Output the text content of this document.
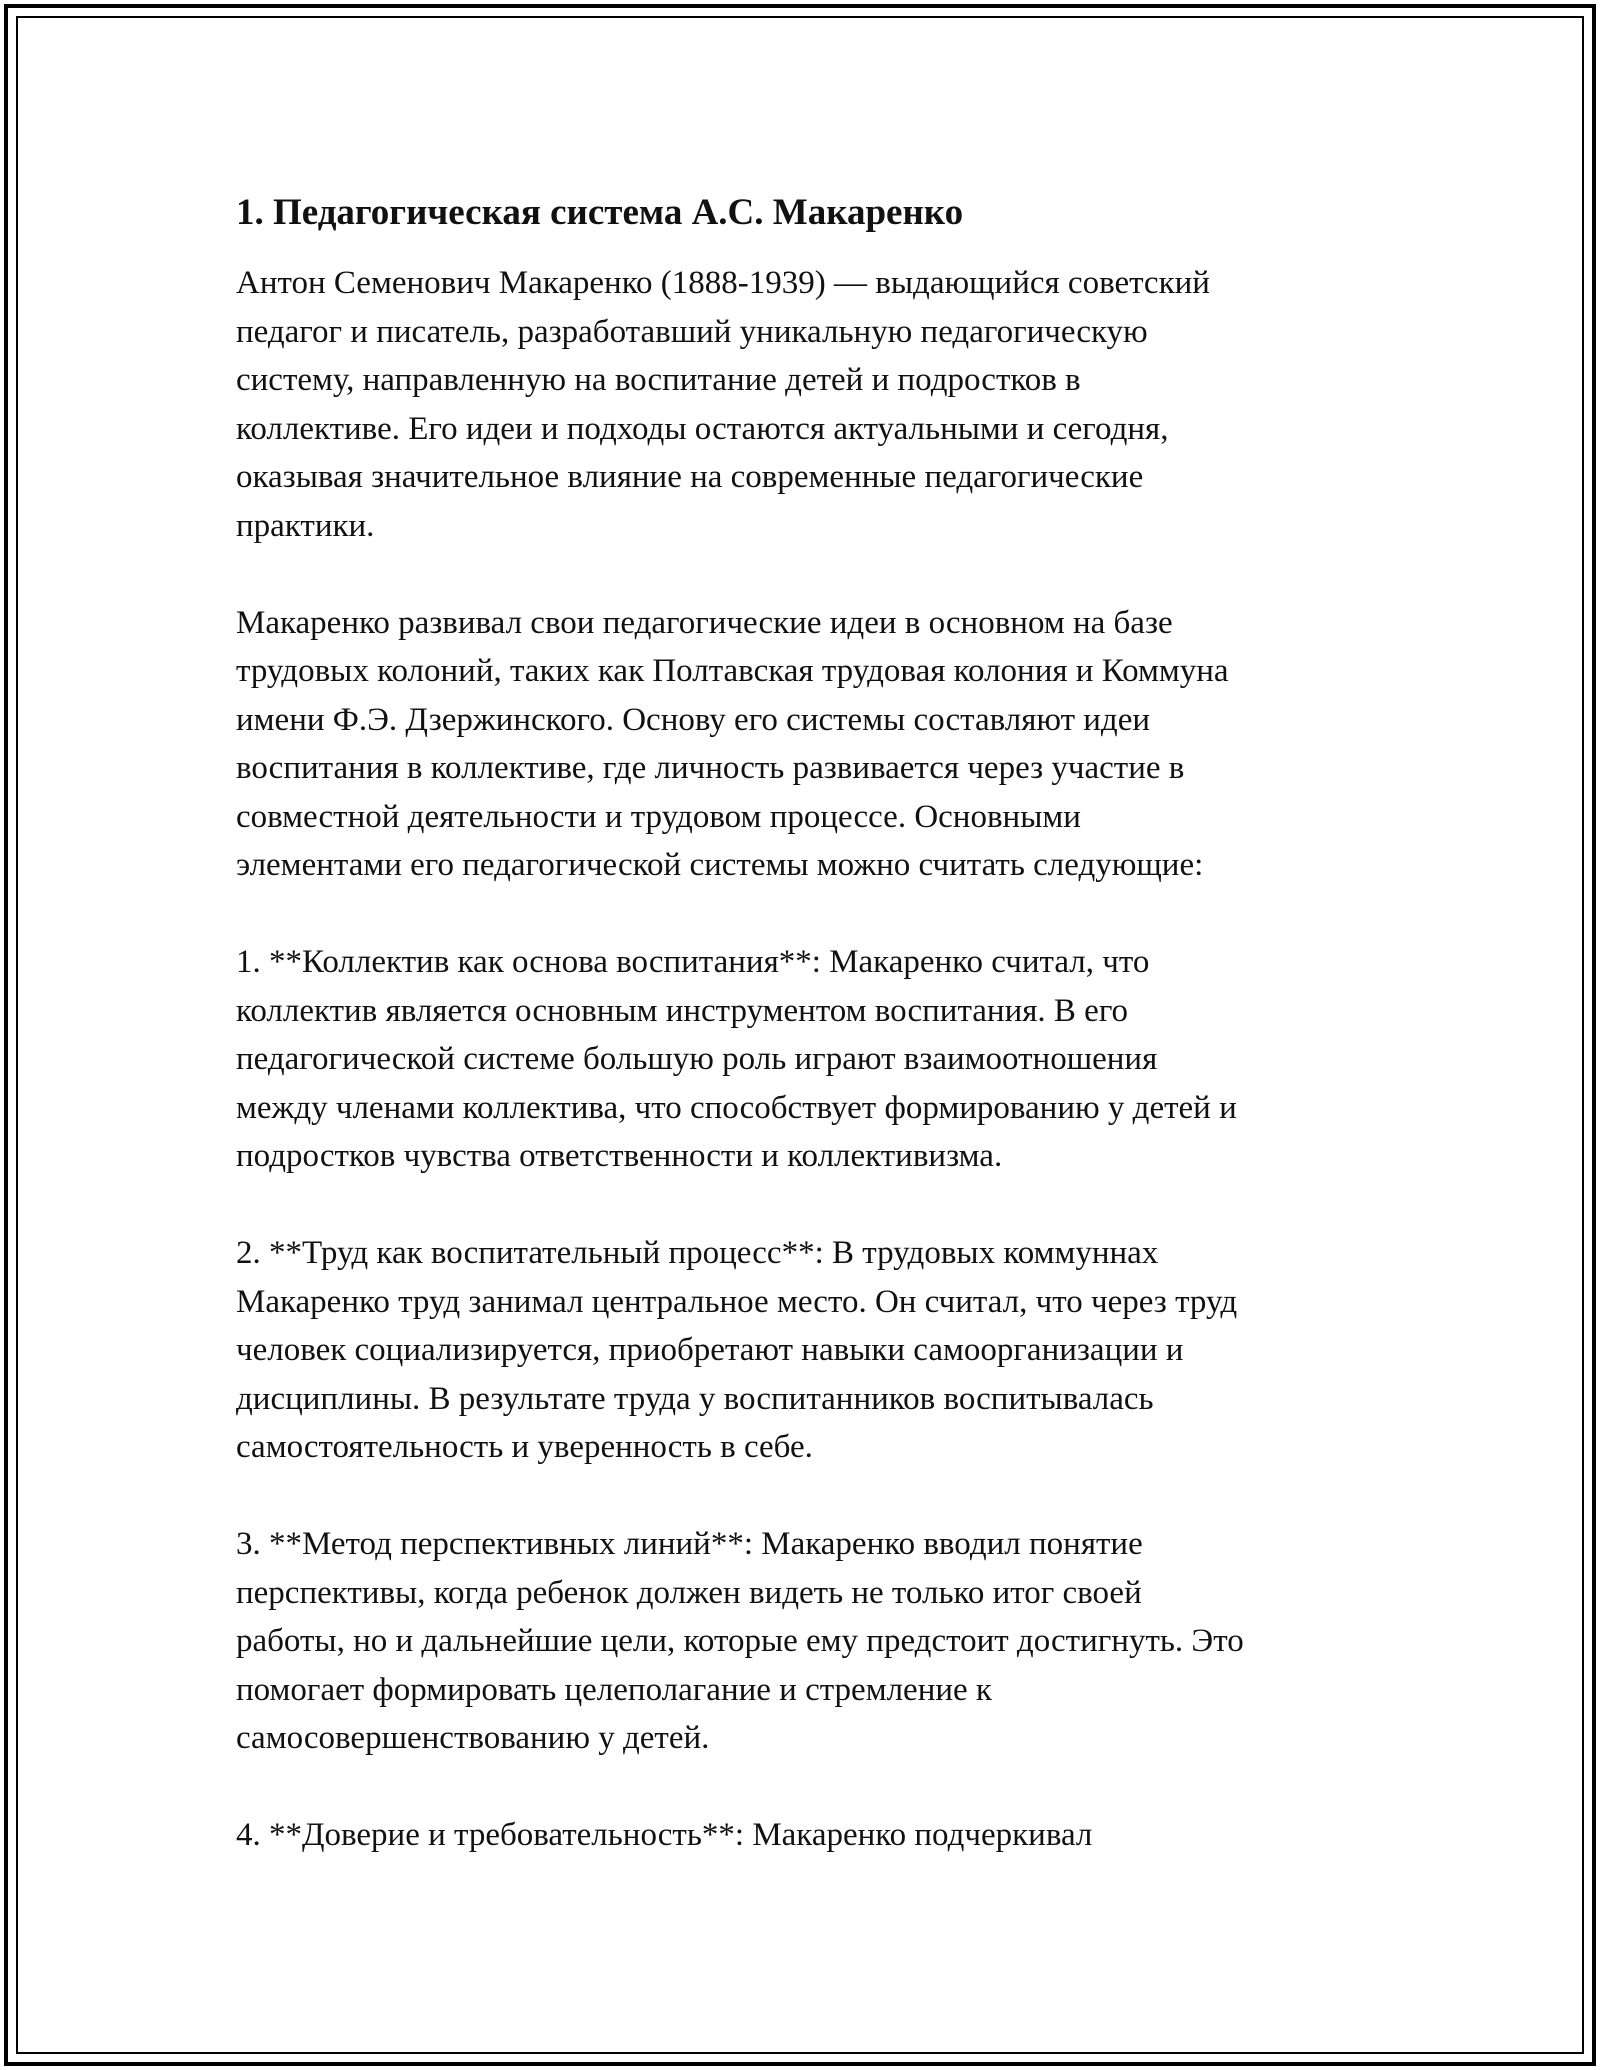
1. Педагогическая система А.С. Макаренко
Антон Семенович Макаренко (1888-1939) — выдающийся советский
педагог и писатель, разработавший уникальную педагогическую
систему, направленную на воспитание детей и подростков в
коллективе. Его идеи и подходы остаются актуальными и сегодня,
оказывая значительное влияние на современные педагогические
практики.
Макаренко развивал свои педагогические идеи в основном на базе
трудовых колоний, таких как Полтавская трудовая колония и Коммуна
имени Ф.Э. Дзержинского. Основу его системы составляют идеи
воспитания в коллективе, где личность развивается через участие в
совместной деятельности и трудовом процессе. Основными
элементами его педагогической системы можно считать следующие:
1. **Коллектив как основа воспитания**: Макаренко считал, что
коллектив является основным инструментом воспитания. В его
педагогической системе большую роль играют взаимоотношения
между членами коллектива, что способствует формированию у детей и
подростков чувства ответственности и коллективизма.
2. **Труд как воспитательный процесс**: В трудовых коммуннах
Макаренко труд занимал центральное место. Он считал, что через труд
человек социализируется, приобретают навыки самоорганизации и
дисциплины. В результате труда у воспитанников воспитывалась
самостоятельность и уверенность в себе.
3. **Метод перспективных линий**: Макаренко вводил понятие
перспективы, когда ребенок должен видеть не только итог своей
работы, но и дальнейшие цели, которые ему предстоит достигнуть. Это
помогает формировать целеполагание и стремление к
самосовершенствованию у детей.
4. **Доверие и требовательность**: Макаренко подчеркивал
